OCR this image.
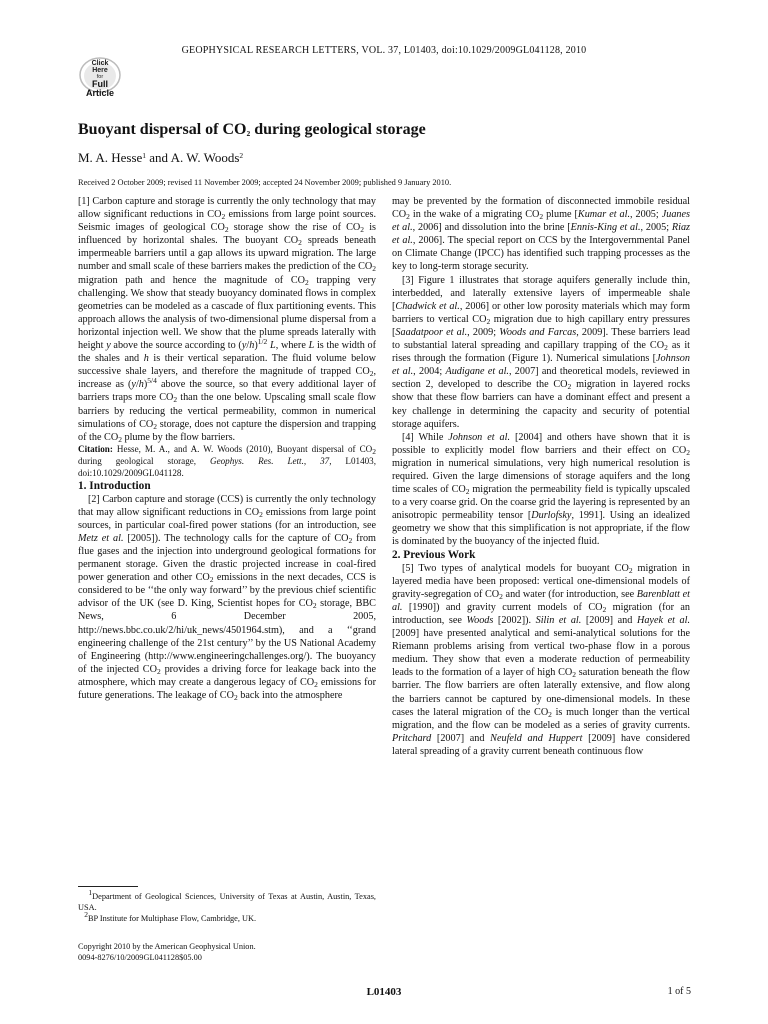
GEOPHYSICAL RESEARCH LETTERS, VOL. 37, L01403, doi:10.1029/2009GL041128, 2010
Click
Here
for
Full
Article
Buoyant dispersal of $CO_2$ during geological storage
M. A. Hesse$^1$ and A. W. Woods$^2$
Received 2 October 2009; revised 11 November 2009; accepted 24 November 2009; published 9 January 2010.

[1] Carbon capture and storage is currently the only technology that may allow significant reductions in $CO_2$ emissions from large point sources. Seismic images of geological $CO_2$ storage show the rise of $CO_2$ is influenced by horizontal shales. The buoyant $CO_2$ spreads beneath impermeable barriers until a gap allows its upward migration. The large number and small scale of these barriers makes the prediction of the $CO_2$ migration path and hence the magnitude of $CO_2$ trapping very challenging. We show that steady buoyancy dominated flows in complex geometries can be modeled as a cascade of flux partitioning events. This approach allows the analysis of two-dimensional plume dispersal from a horizontal injection well. We show that the plume spreads laterally with height y above the source according to $(y/h)^{1/2}$ L, where L is the width of the shales and h is their vertical separation. The fluid volume below successive shale layers, and therefore the magnitude of trapped $CO_2$, increase as $(y/h)^{5/4}$ above the source, so that every additional layer of barriers traps more $CO_2$ than the one below. Upscaling small scale flow barriers by reducing the vertical permeability, common in numerical simulations of $CO_2$ storage, does not capture the dispersion and trapping of the $CO_2$ plume by the flow barriers.

Citation: Hesse, M. A., and A. W. Woods (2010), Buoyant dispersal of $CO_2$ during geological storage, Geophys. Res. Lett., 37, L01403, doi:10.1029/2009GL041128.

1. Introduction

[2] Carbon capture and storage (CCS) is currently the only technology that may allow significant reductions in $CO_2$ emissions from large point sources, in particular coal-fired power stations (for an introduction, see Metz et al. [2005]). The technology calls for the capture of $CO_2$ from flue gases and the injection into underground geological formations for permanent storage. Given the drastic projected increase in coal-fired power generation and other $CO_2$ emissions in the next decades, CCS is considered to be ‘‘the only way forward’’ by the previous chief scientific advisor of the UK (see D. King, Scientist hopes for $CO_2$ storage, BBC News, 6 December 2005, http://news.bbc.co.uk/2/hi/uk_news/4501964.stm), and a ‘‘grand engineering challenge of the 21st century’’ by the US National Academy of Engineering (http://www.engineeringchallenges.org/). The buoyancy of the injected $CO_2$ provides a driving force for leakage back into the atmosphere, which may create a dangerous legacy of $CO_2$ emissions for future generations. The leakage of $CO_2$ back into the atmosphere

may be prevented by the formation of disconnected immobile residual $CO_2$ in the wake of a migrating $CO_2$ plume [Kumar et al., 2005; Juanes et al., 2006] and dissolution into the brine [Ennis-King et al., 2005; Riaz et al., 2006]. The special report on CCS by the Intergovernmental Panel on Climate Change (IPCC) has identified such trapping processes as the key to long-term storage security.

[3] Figure 1 illustrates that storage aquifers generally include thin, interbedded, and laterally extensive layers of impermeable shale [Chadwick et al., 2006] or other low porosity materials which may form barriers to vertical $CO_2$ migration due to high capillary entry pressures [Saadatpoor et al., 2009; Woods and Farcas, 2009]. These barriers lead to substantial lateral spreading and capillary trapping of the $CO_2$ as it rises through the formation (Figure 1). Numerical simulations [Johnson et al., 2004; Audigane et al., 2007] and theoretical models, reviewed in section 2, developed to describe the $CO_2$ migration in layered rocks show that these flow barriers can have a dominant effect and present a key challenge in determining the capacity and security of potential storage aquifers.

[4] While Johnson et al. [2004] and others have shown that it is possible to explicitly model flow barriers and their effect on $CO_2$ migration in numerical simulations, very high numerical resolution is required. Given the large dimensions of storage aquifers and the long time scales of $CO_2$ migration the permeability field is typically upscaled to a very coarse grid. On the coarse grid the layering is represented by an anisotropic permeability tensor [Durlofsky, 1991]. Using an idealized geometry we show that this simplification is not appropriate, if the flow is dominated by the buoyancy of the injected fluid.

2. Previous Work

[5] Two types of analytical models for buoyant $CO_2$ migration in layered media have been proposed: vertical one-dimensional models of gravity-segregation of $CO_2$ and water (for introduction, see Barenblatt et al. [1990]) and gravity current models of $CO_2$ migration (for an introduction, see Woods [2002]). Silin et al. [2009] and Hayek et al. [2009] have presented analytical and semi-analytical solutions for the Riemann problems arising from vertical two-phase flow in a porous medium. They show that even a moderate reduction of permeability leads to the formation of a layer of high $CO_2$ saturation beneath the flow barrier. The flow barriers are often laterally extensive, and flow along the barriers cannot be captured by one-dimensional models. In these cases the lateral migration of the $CO_2$ is much longer than the vertical migration, and the flow can be modeled as a series of gravity currents. Pritchard [2007] and Neufeld and Huppert [2009] have considered lateral spreading of a gravity current beneath continuous flow

$^1$Department of Geological Sciences, University of Texas at Austin, Austin, Texas, USA.
$^2$BP Institute for Multiphase Flow, Cambridge, UK.
Copyright 2010 by the American Geophysical Union.
0094-8276/10/2009GL041128$05.00
L01403	1 of 5
